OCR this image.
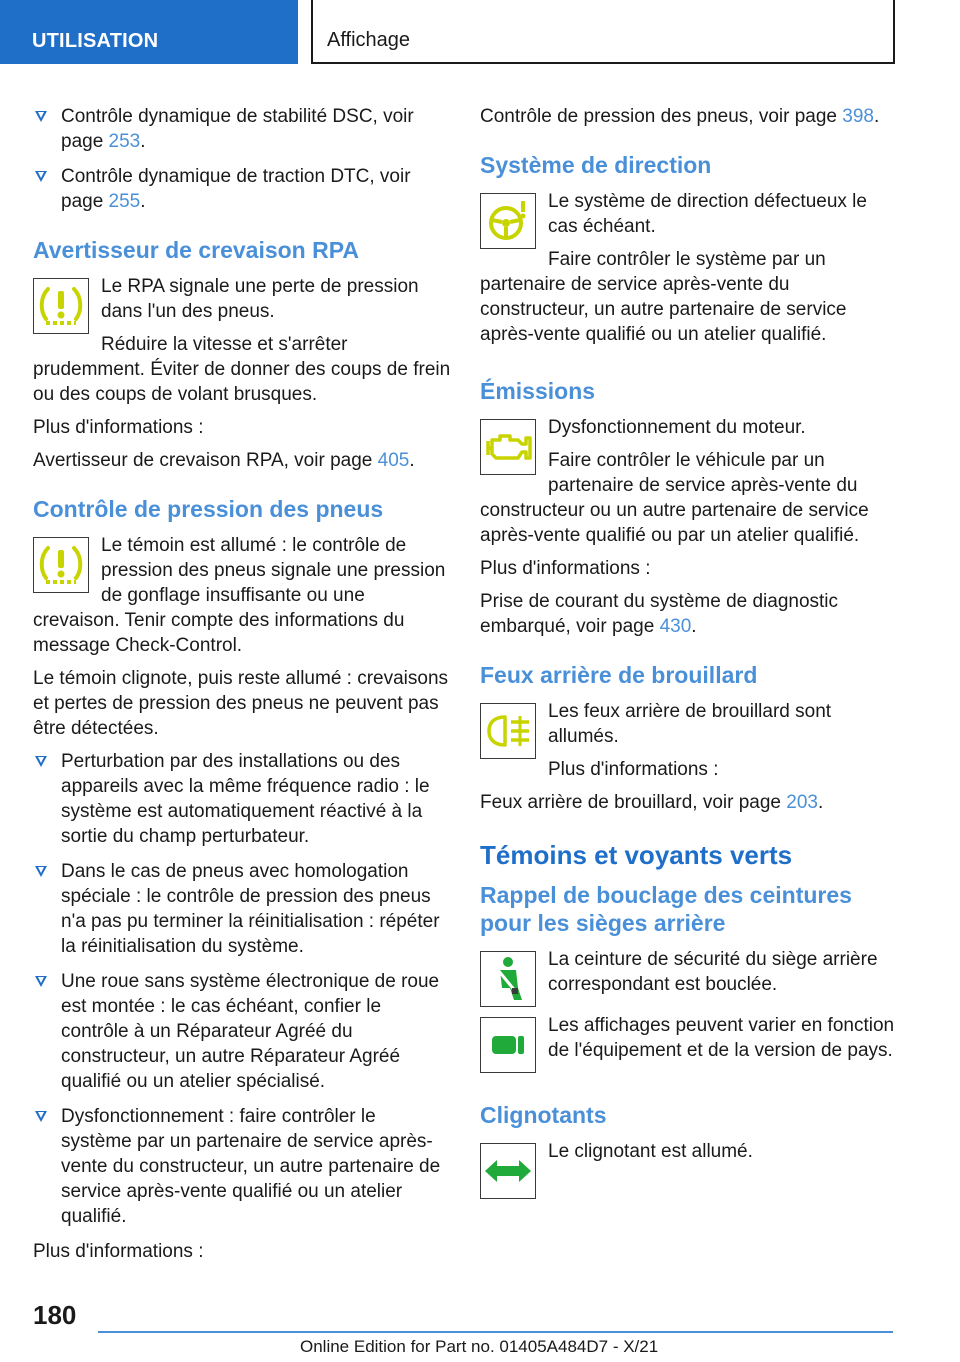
UTILISATION	Affichage
Contrôle dynamique de stabilité DSC, voir page 253.
Contrôle dynamique de traction DTC, voir page 255.
Avertisseur de crevaison RPA

Le RPA signale une perte de pression dans l'un des pneus.

Réduire la vitesse et s'arrêter prudemment. Éviter de donner des coups de frein ou des coups de volant brusques.

Plus d'informations :

Avertisseur de crevaison RPA, voir page 405.

Contrôle de pression des pneus

Le témoin est allumé : le contrôle de pression des pneus signale une pression de gonflage insuffisante ou une crevaison. Tenir compte des informations du message Check-Control.

Le témoin clignote, puis reste allumé : crevaisons et pertes de pression des pneus ne peuvent pas être détectées.

Perturbation par des installations ou des appareils avec la même fréquence radio : le système est automatiquement réactivé à la sortie du champ perturbateur.
Dans le cas de pneus avec homologation spéciale : le contrôle de pression des pneus n'a pas pu terminer la réinitialisation : répéter la réinitialisation du système.
Une roue sans système électronique de roue est montée : le cas échéant, confier le contrôle à un Réparateur Agréé du constructeur, un autre Réparateur Agréé qualifié ou un atelier spécialisé.
Dysfonctionnement : faire contrôler le système par un partenaire de service après-vente du constructeur, un autre partenaire de service après-vente qualifié ou un atelier qualifié.

Plus d'informations :

Contrôle de pression des pneus, voir page 398.

Système de direction

Le système de direction défectueux le cas échéant.

Faire contrôler le système par un partenaire de service après-vente du constructeur, un autre partenaire de service après-vente qualifié ou un atelier qualifié.

Émissions

Dysfonctionnement du moteur.

Faire contrôler le véhicule par un partenaire de service après-vente du constructeur ou un autre partenaire de service après-vente qualifié ou par un atelier qualifié.

Plus d'informations :

Prise de courant du système de diagnostic embarqué, voir page 430.

Feux arrière de brouillard

Les feux arrière de brouillard sont allumés.

Plus d'informations :

Feux arrière de brouillard, voir page 203.

Témoins et voyants verts
Rappel de bouclage des ceintures pour les sièges arrière

La ceinture de sécurité du siège arrière correspondant est bouclée.

Les affichages peuvent varier en fonction de l'équipement et de la version de pays.

Clignotants

Le clignotant est allumé.

180
Online Edition for Part no. 01405A484D7 - X/21
